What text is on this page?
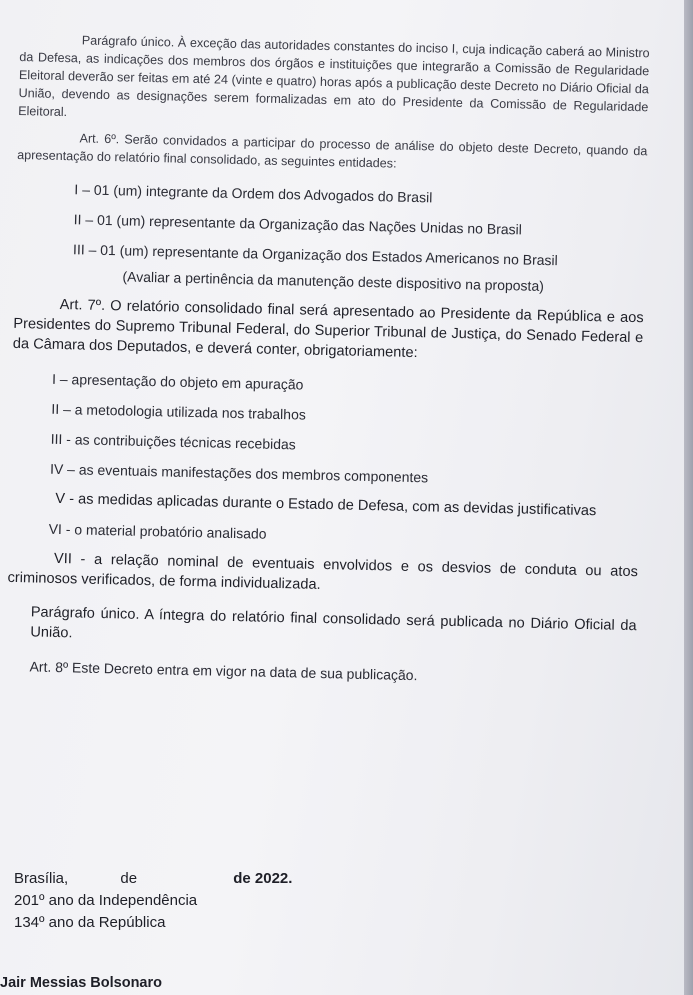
Parágrafo único. À exceção das autoridades constantes do inciso I, cuja indicação caberá ao Ministro da Defesa, as indicações dos membros dos órgãos e instituições que integrarão a Comissão de Regularidade Eleitoral deverão ser feitas em até 24 (vinte e quatro) horas após a publicação deste Decreto no Diário Oficial da União, devendo as designações serem formalizadas em ato do Presidente da Comissão de Regularidade Eleitoral.

Art. 6º. Serão convidados a participar do processo de análise do objeto deste Decreto, quando da apresentação do relatório final consolidado, as seguintes entidades:

I – 01 (um) integrante da Ordem dos Advogados do Brasil

II – 01 (um) representante da Organização das Nações Unidas no Brasil

III – 01 (um) representante da Organização dos Estados Americanos no Brasil

(Avaliar a pertinência da manutenção deste dispositivo na proposta)

Art. 7º. O relatório consolidado final será apresentado ao Presidente da República e aos Presidentes do Supremo Tribunal Federal, do Superior Tribunal de Justiça, do Senado Federal e da Câmara dos Deputados, e deverá conter, obrigatoriamente:

I – apresentação do objeto em apuração

II – a metodologia utilizada nos trabalhos

III - as contribuições técnicas recebidas

IV – as eventuais manifestações dos membros componentes

V - as medidas aplicadas durante o Estado de Defesa, com as devidas justificativas

VI - o material probatório analisado

VII - a relação nominal de eventuais envolvidos e os desvios de conduta ou atos criminosos verificados, de forma individualizada.

Parágrafo único. A íntegra do relatório final consolidado será publicada no Diário Oficial da União.

Art. 8º Este Decreto entra em vigor na data de sua publicação.

Brasília,	de	de 2022.
201º ano da Independência
134º ano da República
Jair Messias Bolsonaro
